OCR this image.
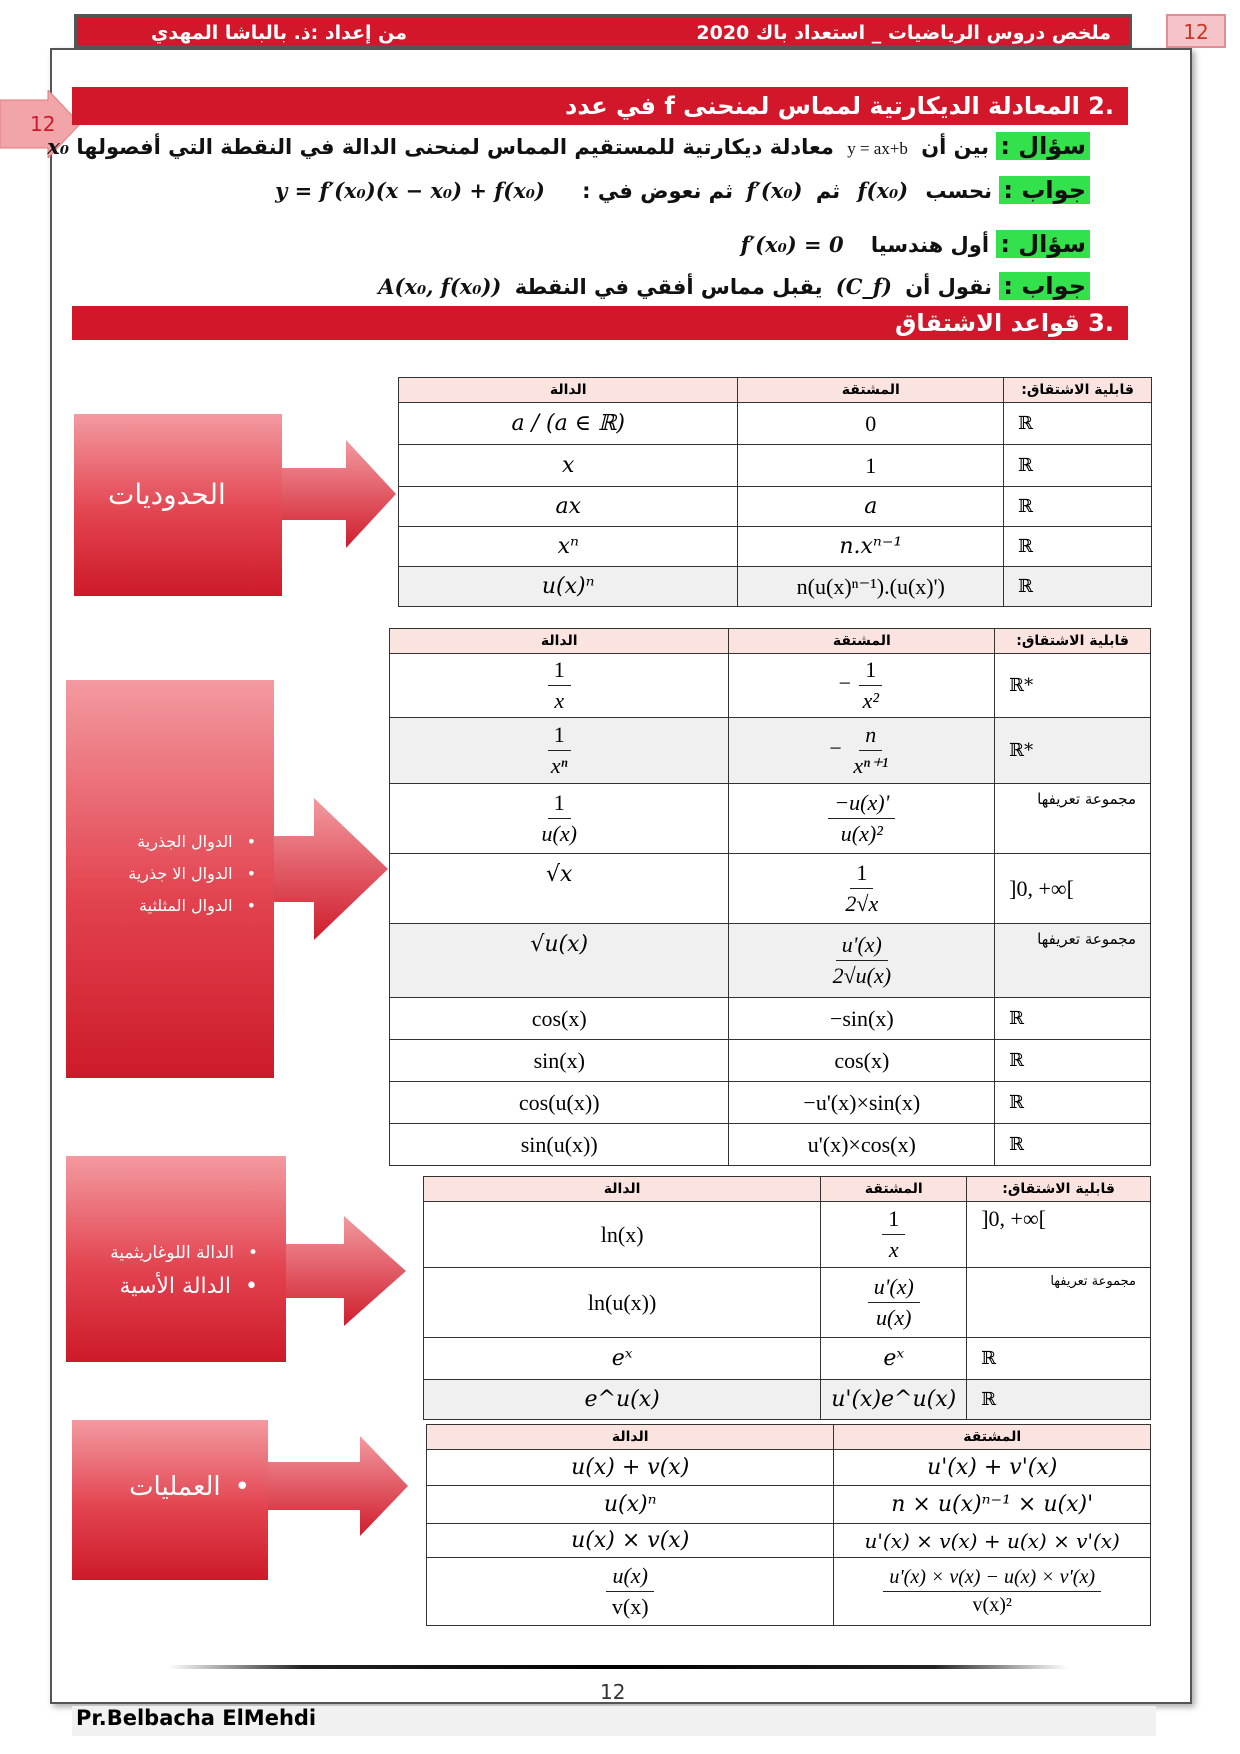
ملخص دروس الرياضيات _ استعداد باك 2020
من إعداد :ذ. بالباشا المهدي	12
12
.2 المعادلة الديكارتية لمماس لمنحنى f في عدد
سؤال : بين أن y = ax+b معادلة ديكارتية للمستقيم المماس لمنحنى الدالة في النقطة التي أفصولها x₀
جواب : نحسب f(x₀) ثم f′(x₀) ثم نعوض في : y = f′(x₀)(x − x₀) + f(x₀)
سؤال : أول هندسيا f′(x₀) = 0
جواب : نقول أن (C_f) يقبل مماس أفقي في النقطة A(x₀, f(x₀))
.3 قواعد الاشتقاق
الحدوديات
الدالة	المشتقة	قابلية الاشتقاق:
a / (a ∈ ℝ)	0	ℝ
x	1	ℝ
ax	a	ℝ
xⁿ	n.xⁿ⁻¹	ℝ
u(x)ⁿ	n(u(x)ⁿ⁻¹).(u(x)')	ℝ
• الدوال الجذرية
• الدوال الا جذرية
• الدوال المثلثية
الدالة	المشتقة	قابلية الاشتقاق:

$\frac{1}{x}$	− $\frac{1}{\text{x²}}$	ℝ*

$\frac{1}{\text{xⁿ}}$	− $\frac{n}{\text{xⁿ⁺¹}}$	ℝ*

$\frac{1}{u(x)}$	$\frac{-u(x)'}{\text{u(x)²}}$	مجموعة تعريفها
√x	$\frac{1}{2√x}$	]0, +∞[
√u(x)	$\frac{u'(x)}{2√u(x)}$	مجموعة تعريفها
cos(x)	−sin(x)	ℝ
sin(x)	cos(x)	ℝ
cos(u(x))	−u'(x)×sin(x)	ℝ
sin(u(x))	u'(x)×cos(x)	ℝ
• الدالة اللوغاريثمية
• الدالة الأسية
الدالة	المشتقة	قابلية الاشتقاق:
ln(x)	$\frac{1}{x}$	]0, +∞[
ln(u(x))	$\frac{u'(x)}{u(x)}$	مجموعة تعريفها
eˣ	eˣ	ℝ
e^u(x)	u'(x)e^u(x)	ℝ
• العمليات
الدالة	المشتقة
u(x) + v(x)	u'(x) + v'(x)
u(x)ⁿ	n × u(x)ⁿ⁻¹ × u(x)'
u(x) × v(x)	u'(x) × v(x) + u(x) × v'(x)

$\frac{u(x)}{v(x)}$	$\frac{u'(x) \times v(x) - u(x) \times v'(x)}{\text{v(x)²}}$
12
Pr.Belbacha ElMehdi
